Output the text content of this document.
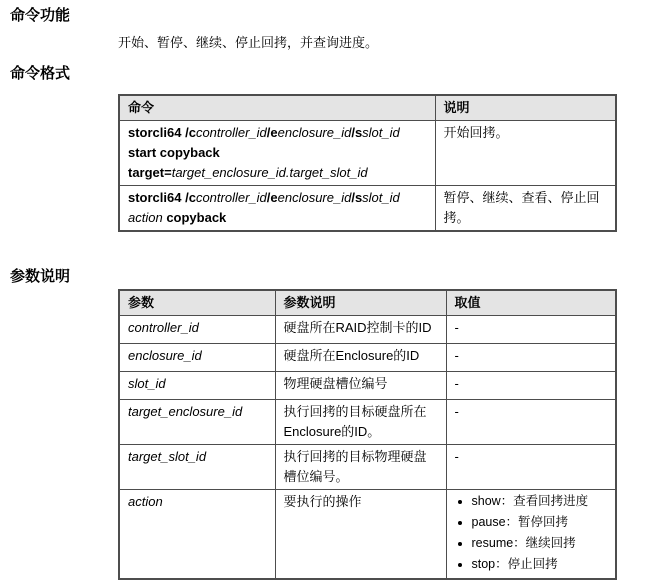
命令功能

开始、暂停、继续、停止回拷，并查询进度。

命令格式
命令	说明

storcli64 /ccontroller_id/eenclosure_id/sslot_id
start copyback
target=target_enclosure_id.target_slot_id	开始回拷。

storcli64 /ccontroller_id/eenclosure_id/sslot_id
action copyback	暂停、继续、查看、停止回拷。
参数说明
参数	参数说明	取值
controller_id	硬盘所在RAID控制卡的ID	-
enclosure_id	硬盘所在Enclosure的ID	-
slot_id	物理硬盘槽位编号	-
target_enclosure_id	执行回拷的目标硬盘所在Enclosure的ID。	-
target_slot_id	执行回拷的目标物理硬盘槽位编号。	-
action	要执行的操作	
•show：查看回拷进度
• pause：暂停回拷
• resume：继续回拷
• stop：停止回拷
